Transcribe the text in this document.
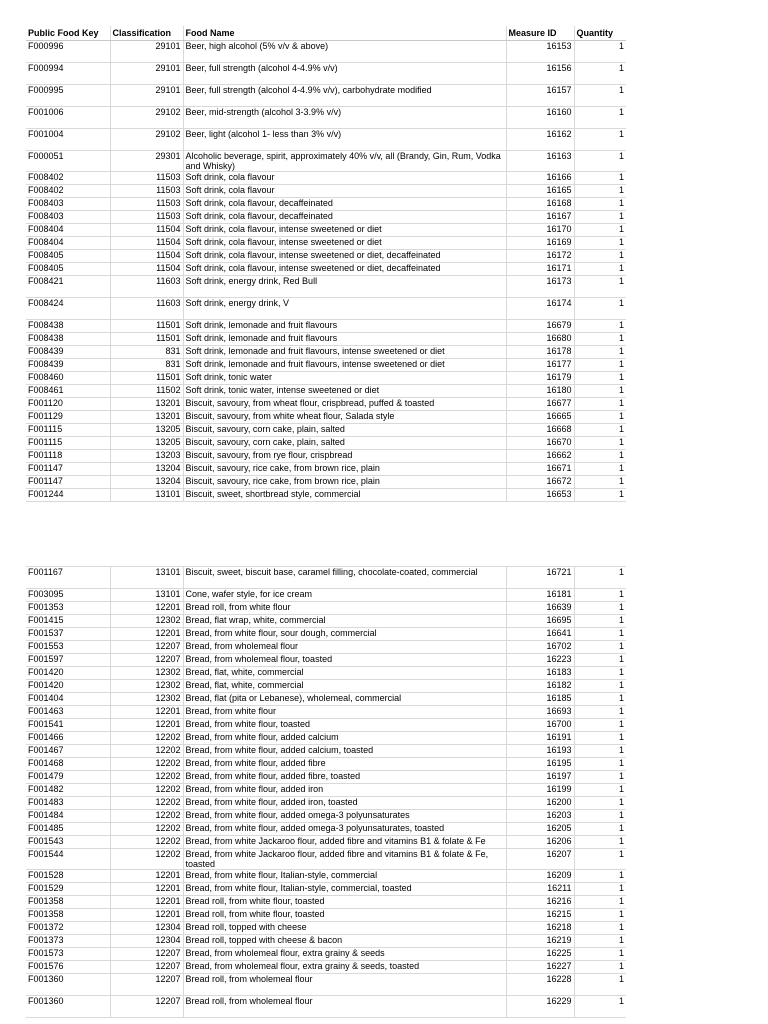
Public Food Key	Classification	Food Name	Measure ID	Quantity
F000996	29101	Beer, high alcohol (5% v/v & above)	16153	1
F000994	29101	Beer, full strength (alcohol 4-4.9% v/v)	16156	1
F000995	29101	Beer, full strength (alcohol 4-4.9% v/v), carbohydrate modified	16157	1
F001006	29102	Beer, mid-strength (alcohol 3-3.9% v/v)	16160	1
F001004	29102	Beer, light (alcohol 1- less than 3% v/v)	16162	1
F000051	29301	Alcoholic beverage, spirit, approximately 40% v/v, all (Brandy, Gin, Rum, Vodka and Whisky)	16163	1
F008402	11503	Soft drink, cola flavour	16166	1
F008402	11503	Soft drink, cola flavour	16165	1
F008403	11503	Soft drink, cola flavour, decaffeinated	16168	1
F008403	11503	Soft drink, cola flavour, decaffeinated	16167	1
F008404	11504	Soft drink, cola flavour, intense sweetened or diet	16170	1
F008404	11504	Soft drink, cola flavour, intense sweetened or diet	16169	1
F008405	11504	Soft drink, cola flavour, intense sweetened or diet, decaffeinated	16172	1
F008405	11504	Soft drink, cola flavour, intense sweetened or diet, decaffeinated	16171	1
F008421	11603	Soft drink, energy drink, Red Bull	16173	1
F008424	11603	Soft drink, energy drink, V	16174	1
F008438	11501	Soft drink, lemonade and fruit flavours	16679	1
F008438	11501	Soft drink, lemonade and fruit flavours	16680	1
F008439	831	Soft drink, lemonade and fruit flavours, intense sweetened or diet	16178	1
F008439	831	Soft drink, lemonade and fruit flavours, intense sweetened or diet	16177	1
F008460	11501	Soft drink, tonic water	16179	1
F008461	11502	Soft drink, tonic water, intense sweetened or diet	16180	1
F001120	13201	Biscuit, savoury, from wheat flour, crispbread, puffed & toasted	16677	1
F001129	13201	Biscuit, savoury, from white wheat flour, Salada style	16665	1
F001115	13205	Biscuit, savoury, corn cake, plain, salted	16668	1
F001115	13205	Biscuit, savoury, corn cake, plain, salted	16670	1
F001118	13203	Biscuit, savoury, from rye flour, crispbread	16662	1
F001147	13204	Biscuit, savoury, rice cake, from brown rice, plain	16671	1
F001147	13204	Biscuit, savoury, rice cake, from brown rice, plain	16672	1
F001244	13101	Biscuit, sweet, shortbread style, commercial	16653	1
F001167	13101	Biscuit, sweet, biscuit base, caramel filling, chocolate-coated, commercial	16721	1
F003095	13101	Cone, wafer style, for ice cream	16181	1
F001353	12201	Bread roll, from white flour	16639	1
F001415	12302	Bread, flat wrap, white, commercial	16695	1
F001537	12201	Bread, from white flour, sour dough, commercial	16641	1
F001553	12207	Bread, from wholemeal flour	16702	1
F001597	12207	Bread, from wholemeal flour, toasted	16223	1
F001420	12302	Bread, flat, white, commercial	16183	1
F001420	12302	Bread, flat, white, commercial	16182	1
F001404	12302	Bread, flat (pita or Lebanese), wholemeal, commercial	16185	1
F001463	12201	Bread, from white flour	16693	1
F001541	12201	Bread, from white flour, toasted	16700	1
F001466	12202	Bread, from white flour, added calcium	16191	1
F001467	12202	Bread, from white flour, added calcium, toasted	16193	1
F001468	12202	Bread, from white flour, added fibre	16195	1
F001479	12202	Bread, from white flour, added fibre, toasted	16197	1
F001482	12202	Bread, from white flour, added iron	16199	1
F001483	12202	Bread, from white flour, added iron, toasted	16200	1
F001484	12202	Bread, from white flour, added omega-3 polyunsaturates	16203	1
F001485	12202	Bread, from white flour, added omega-3 polyunsaturates, toasted	16205	1
F001543	12202	Bread, from white Jackaroo flour, added fibre and vitamins B1 & folate & Fe	16206	1
F001544	12202	Bread, from white Jackaroo flour, added fibre and vitamins B1 & folate & Fe, toasted	16207	1
F001528	12201	Bread, from white flour, Italian-style, commercial	16209	1
F001529	12201	Bread, from white flour, Italian-style, commercial, toasted	16211	1
F001358	12201	Bread roll, from white flour, toasted	16216	1
F001358	12201	Bread roll, from white flour, toasted	16215	1
F001372	12304	Bread roll, topped with cheese	16218	1
F001373	12304	Bread roll, topped with cheese & bacon	16219	1
F001573	12207	Bread, from wholemeal flour, extra grainy & seeds	16225	1
F001576	12207	Bread, from wholemeal flour, extra grainy & seeds, toasted	16227	1
F001360	12207	Bread roll, from wholemeal flour	16228	1
F001360	12207	Bread roll, from wholemeal flour	16229	1
